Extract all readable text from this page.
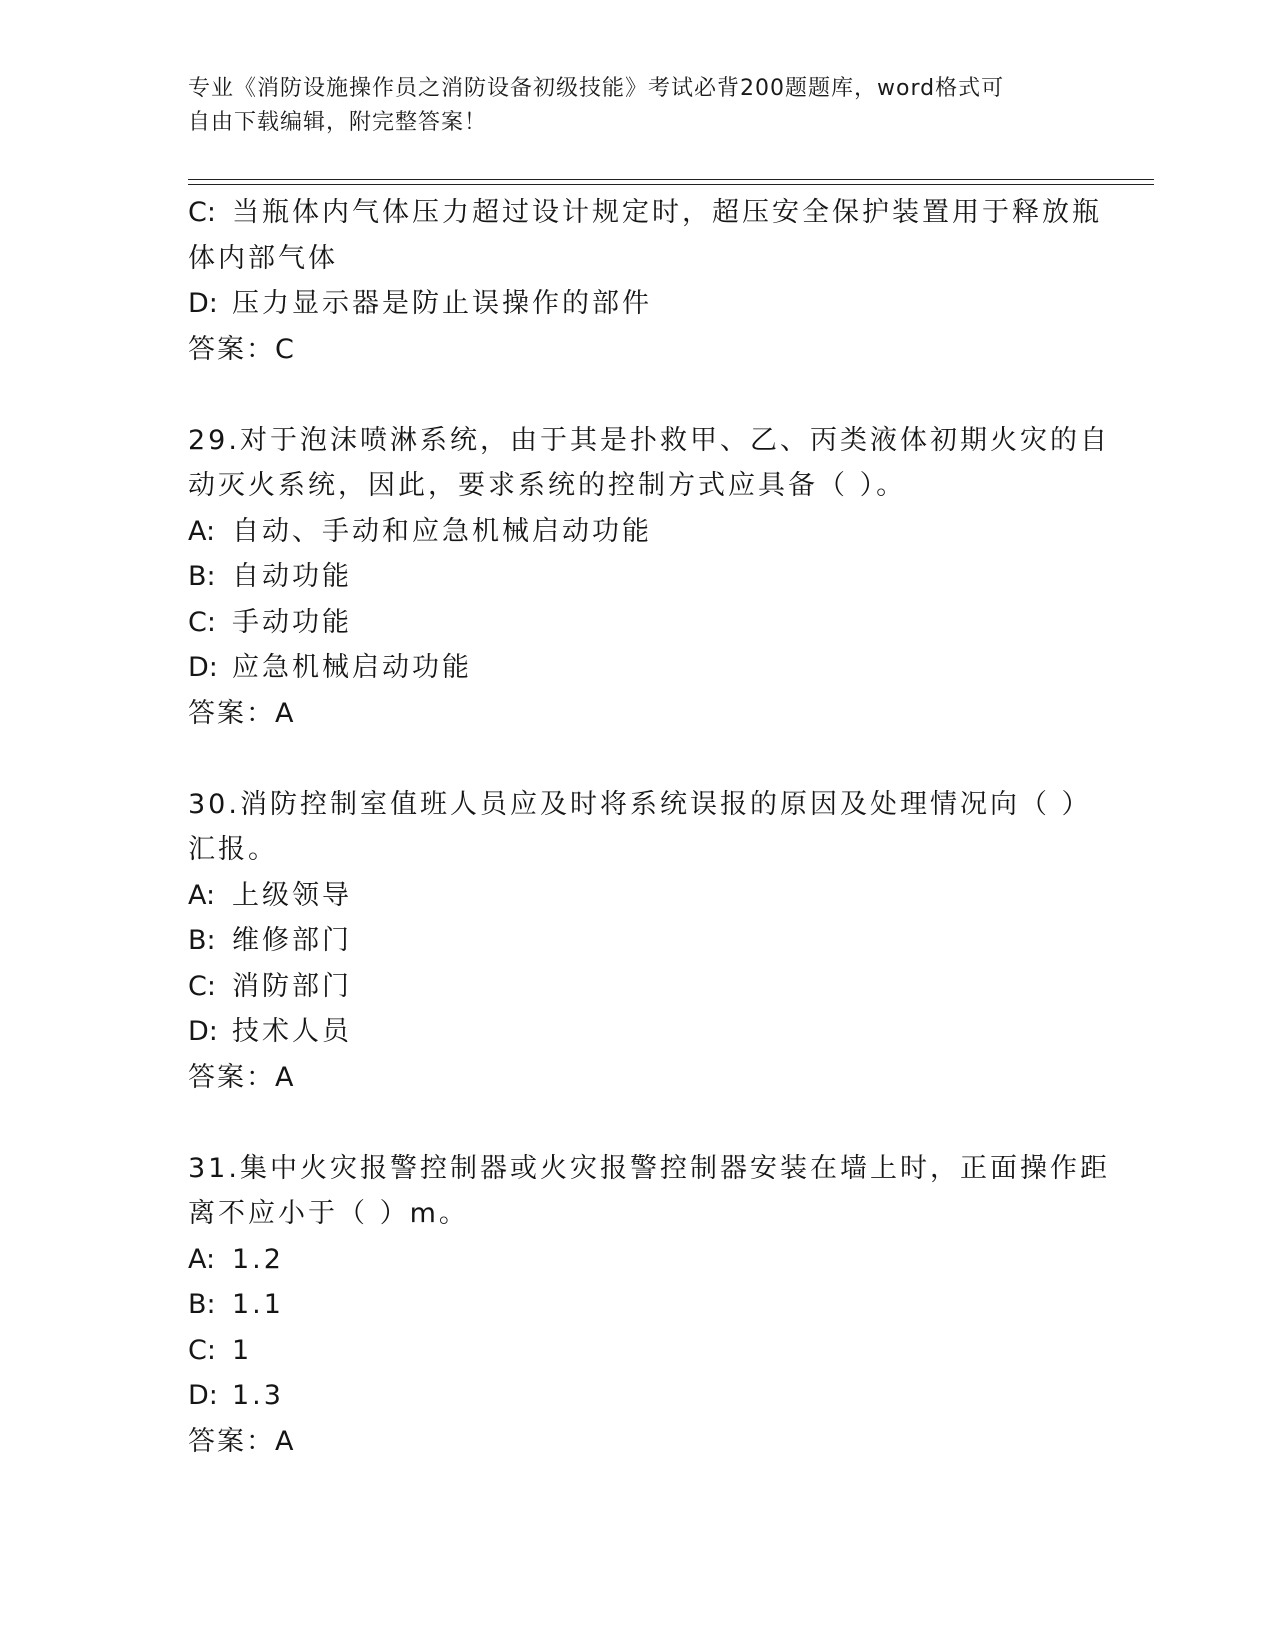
专业《消防设施操作员之消防设备初级技能》考试必背200题题库，word格式可
自由下载编辑，附完整答案！
C: 当瓶体内气体压力超过设计规定时，超压安全保护装置用于释放瓶
体内部气体
D: 压力显示器是防止误操作的部件
答案：C
29.对于泡沫喷淋系统，由于其是扑救甲、乙、丙类液体初期火灾的自
动灭火系统，因此，要求系统的控制方式应具备（ ）。
A: 自动、手动和应急机械启动功能
B: 自动功能
C: 手动功能
D: 应急机械启动功能
答案：A
30.消防控制室值班人员应及时将系统误报的原因及处理情况向（ ）
汇报。
A: 上级领导
B: 维修部门
C: 消防部门
D: 技术人员
答案：A
31.集中火灾报警控制器或火灾报警控制器安装在墙上时，正面操作距
离不应小于（ ）m。
A: 1.2
B: 1.1
C: 1
D: 1.3
答案：A
